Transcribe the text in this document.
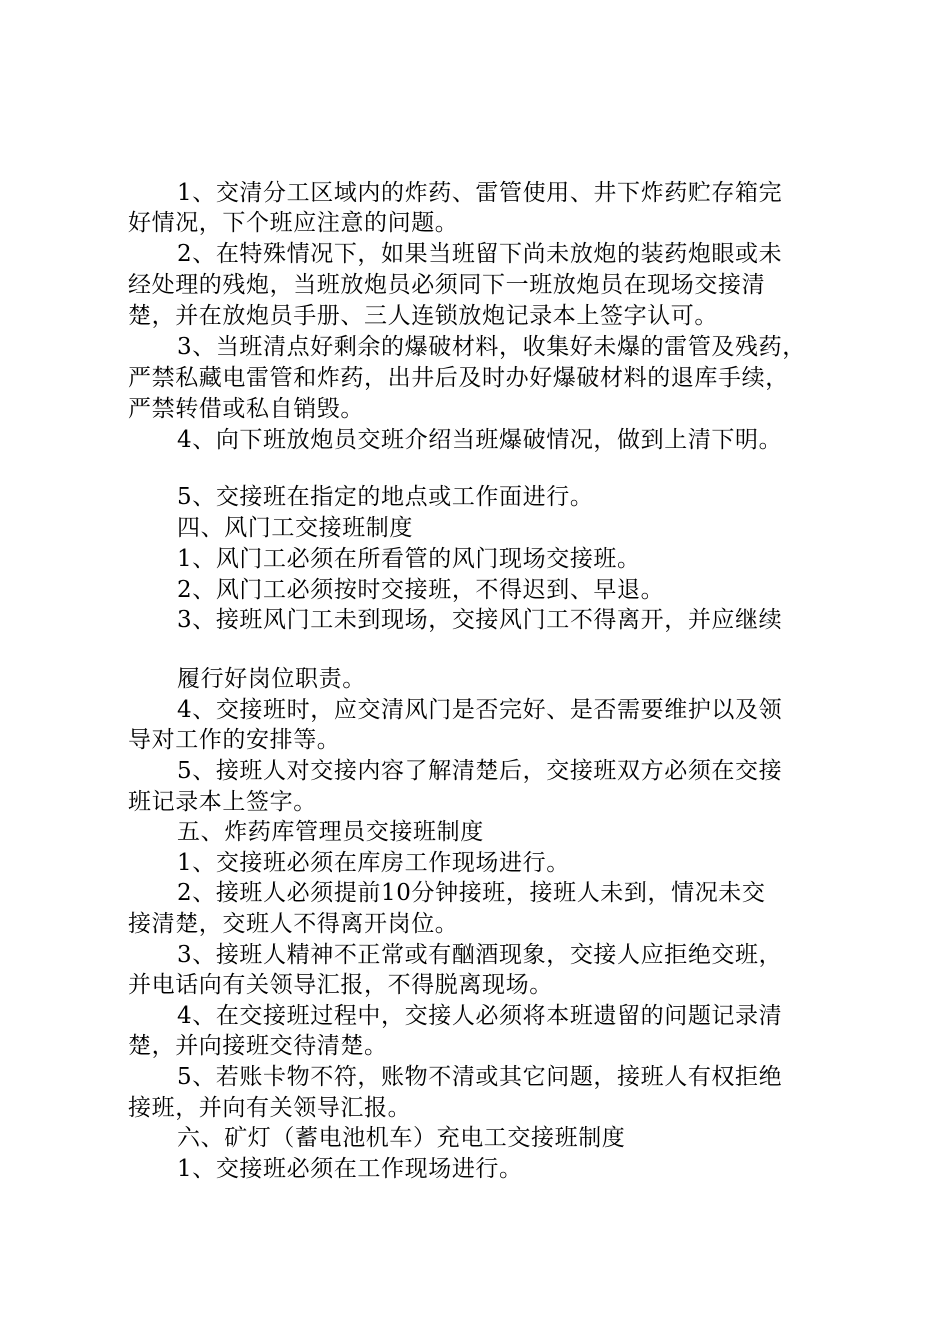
1、交清分工区域内的炸药、雷管使用、井下炸药贮存箱完
好情况，下个班应注意的问题。
2、在特殊情况下，如果当班留下尚未放炮的装药炮眼或未
经处理的残炮，当班放炮员必须同下一班放炮员在现场交接清
楚，并在放炮员手册、三人连锁放炮记录本上签字认可。
3、当班清点好剩余的爆破材料，收集好未爆的雷管及残药，
严禁私藏电雷管和炸药，出井后及时办好爆破材料的退库手续，
严禁转借或私自销毁。
4、向下班放炮员交班介绍当班爆破情况，做到上清下明。
5、交接班在指定的地点或工作面进行。
四、风门工交接班制度
1、风门工必须在所看管的风门现场交接班。
2、风门工必须按时交接班，不得迟到、早退。
3、接班风门工未到现场，交接风门工不得离开，并应继续
履行好岗位职责。
4、交接班时，应交清风门是否完好、是否需要维护以及领
导对工作的安排等。
5、接班人对交接内容了解清楚后，交接班双方必须在交接
班记录本上签字。
五、炸药库管理员交接班制度
1、交接班必须在库房工作现场进行。
2、接班人必须提前10分钟接班，接班人未到，情况未交
接清楚，交班人不得离开岗位。
3、接班人精神不正常或有酗酒现象，交接人应拒绝交班，
并电话向有关领导汇报，不得脱离现场。
4、在交接班过程中，交接人必须将本班遗留的问题记录清
楚，并向接班交待清楚。
5、若账卡物不符，账物不清或其它问题，接班人有权拒绝
接班，并向有关领导汇报。
六、矿灯（蓄电池机车）充电工交接班制度
1、交接班必须在工作现场进行。
